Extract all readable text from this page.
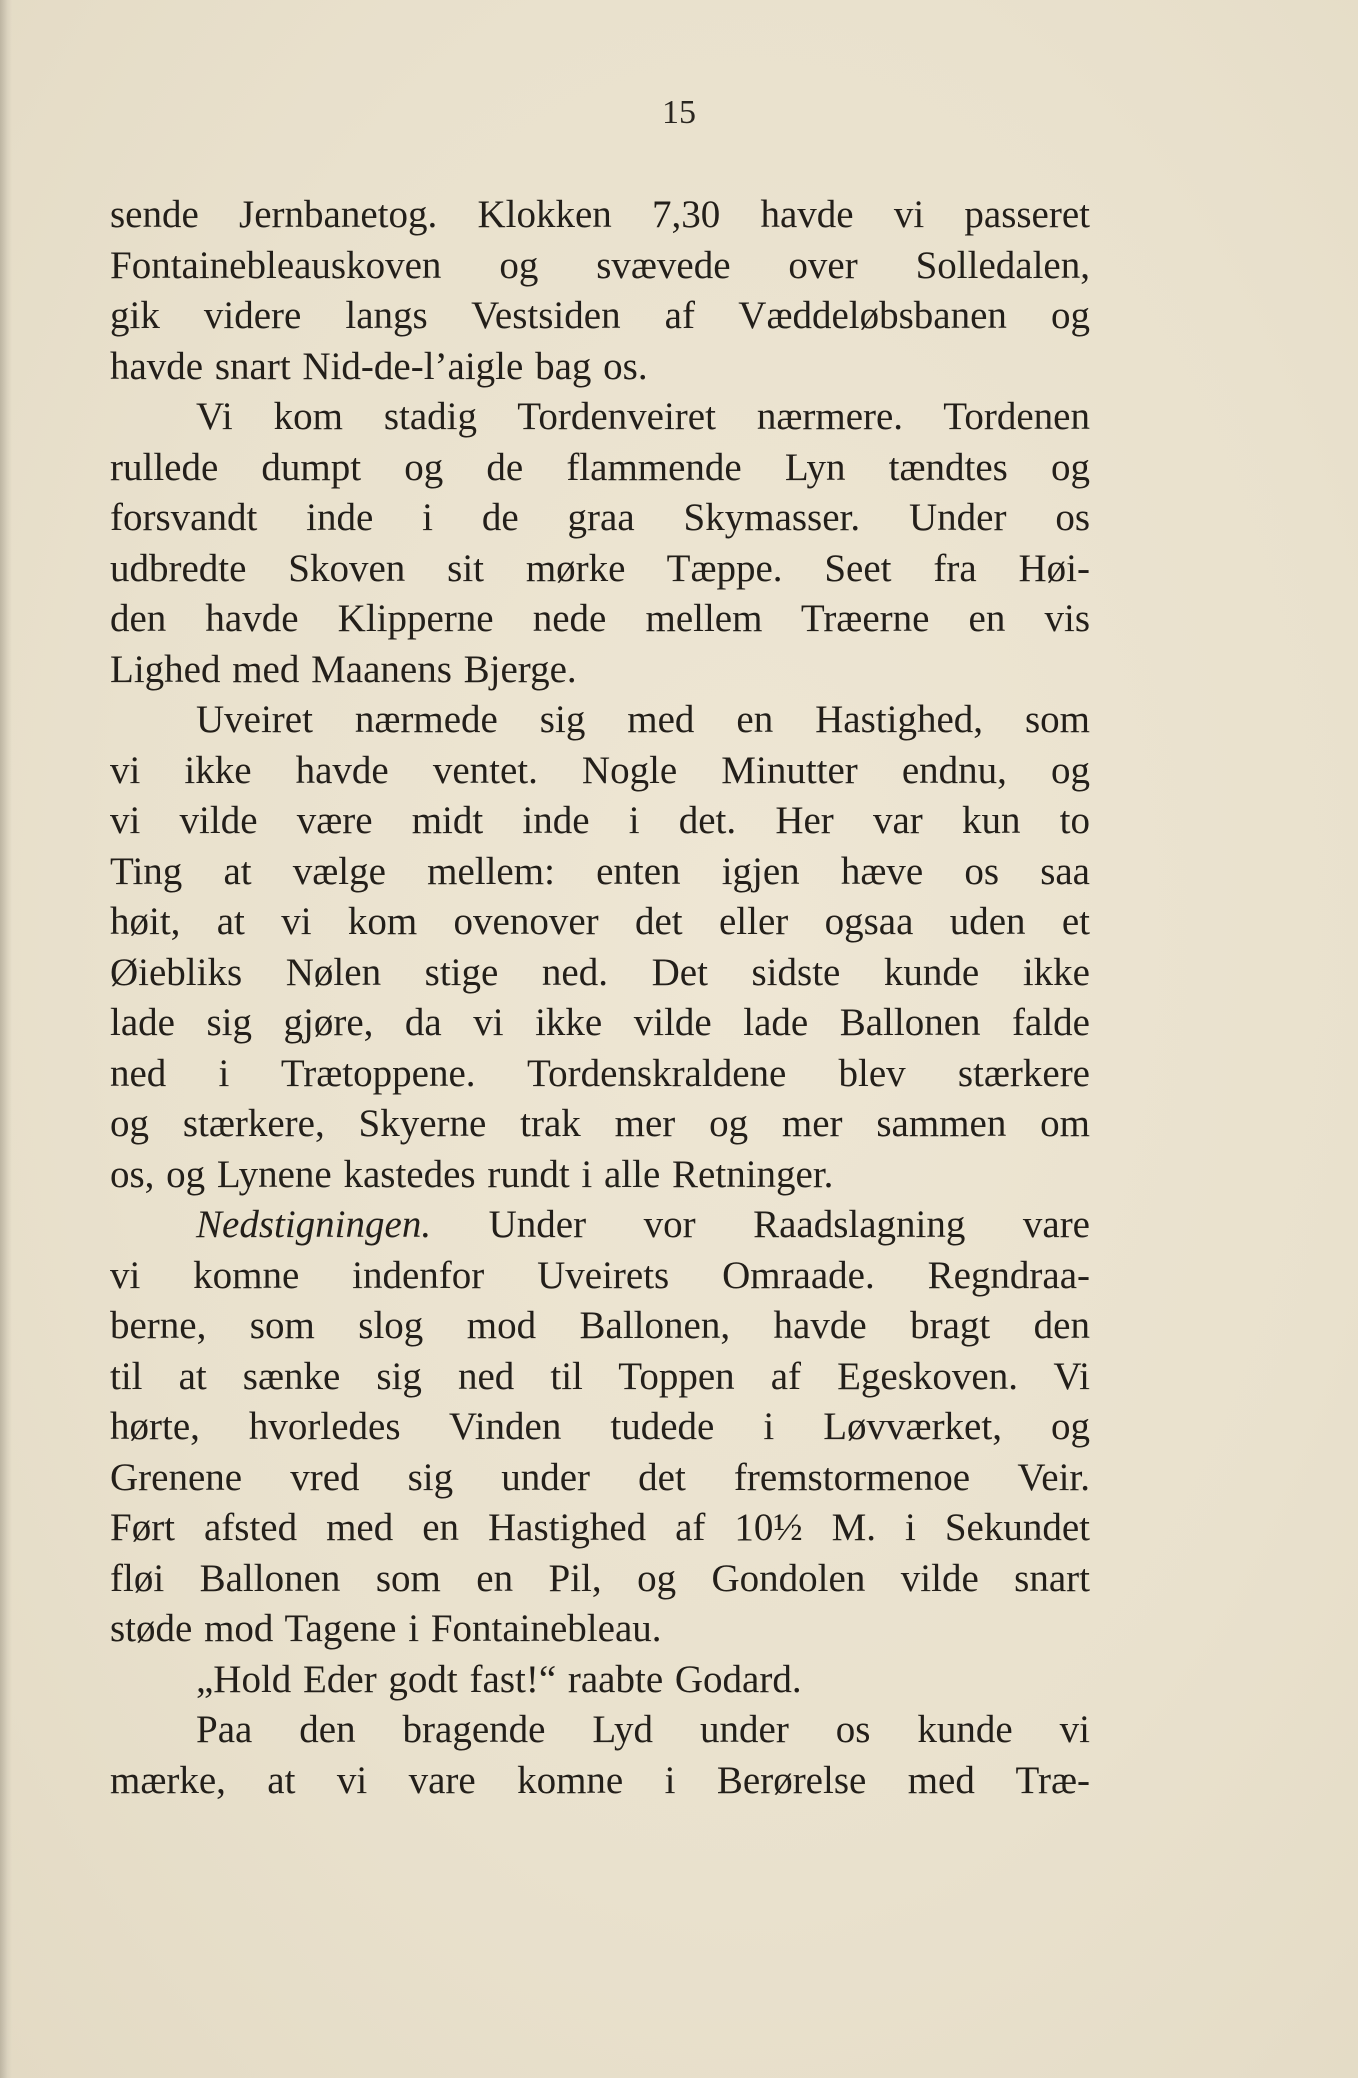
15
sende Jernbanetog. Klokken 7,30 havde vi passeret
Fontainebleauskoven og svævede over Solledalen,
gik videre langs Vestsiden af Væddeløbsbanen og
havde snart Nid-de-l’aigle bag os.
Vi kom stadig Tordenveiret nærmere. Tordenen
rullede dumpt og de flammende Lyn tændtes og
forsvandt inde i de graa Skymasser. Under os
udbredte Skoven sit mørke Tæppe. Seet fra Høi-
den havde Klipperne nede mellem Træerne en vis
Lighed med Maanens Bjerge.
Uveiret nærmede sig med en Hastighed, som
vi ikke havde ventet. Nogle Minutter endnu, og
vi vilde være midt inde i det. Her var kun to
Ting at vælge mellem: enten igjen hæve os saa
høit, at vi kom ovenover det eller ogsaa uden et
Øiebliks Nølen stige ned. Det sidste kunde ikke
lade sig gjøre, da vi ikke vilde lade Ballonen falde
ned i Trætoppene. Tordenskraldene blev stærkere
og stærkere, Skyerne trak mer og mer sammen om
os, og Lynene kastedes rundt i alle Retninger.
Nedstigningen. Under vor Raadslagning vare
vi komne indenfor Uveirets Omraade. Regndraa-
berne, som slog mod Ballonen, havde bragt den
til at sænke sig ned til Toppen af Egeskoven. Vi
hørte, hvorledes Vinden tudede i Løvværket, og
Grenene vred sig under det fremstormenoe Veir.
Ført afsted med en Hastighed af 10½ M. i Sekundet
fløi Ballonen som en Pil, og Gondolen vilde snart
støde mod Tagene i Fontainebleau.
„Hold Eder godt fast!“ raabte Godard.
Paa den bragende Lyd under os kunde vi
mærke, at vi vare komne i Berørelse med Træ-
